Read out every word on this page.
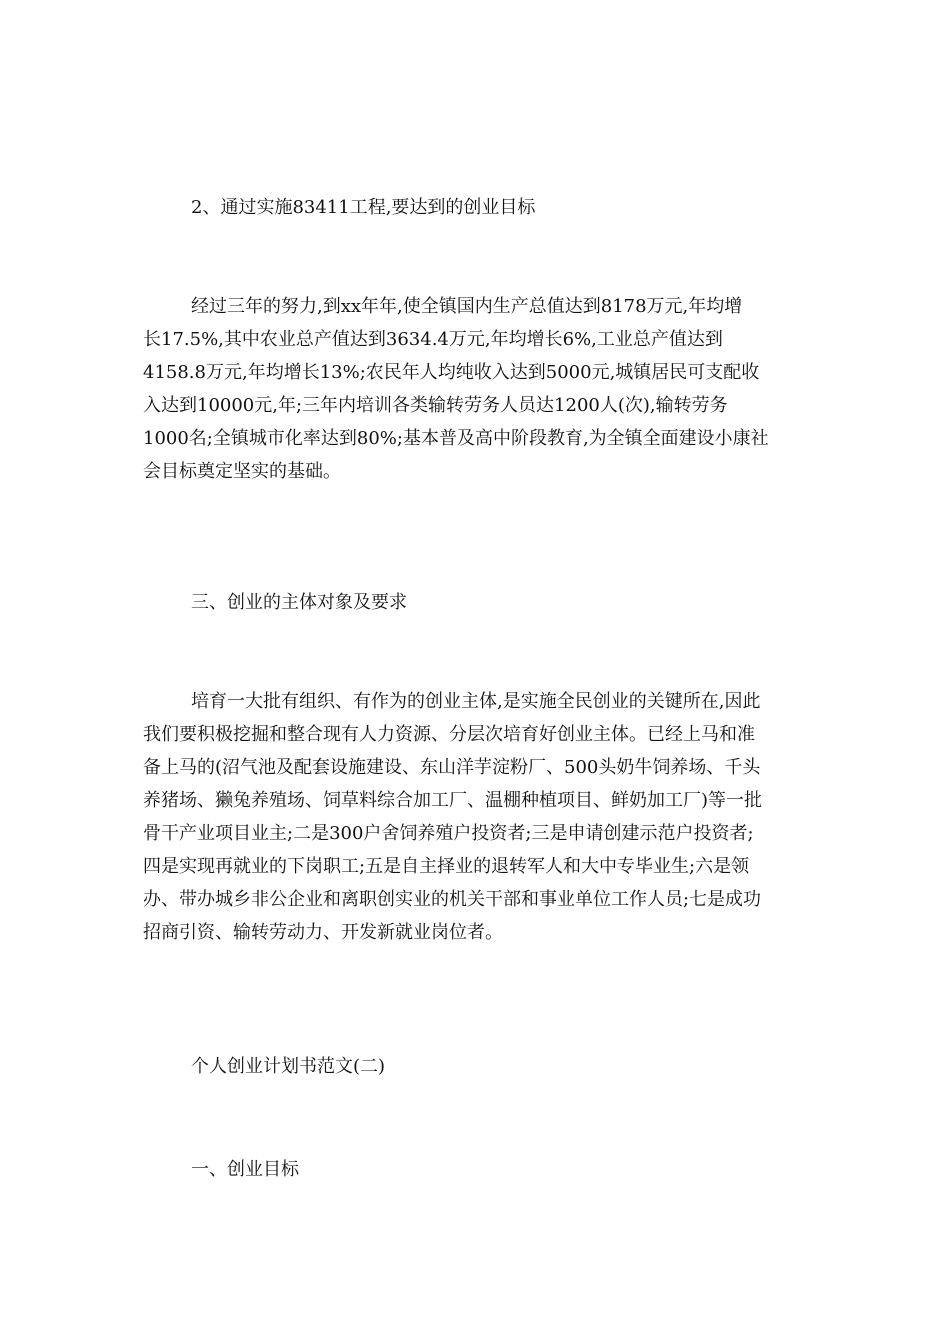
2、通过实施83411工程,要达到的创业目标

经过三年的努力,到xx年年,使全镇国内生产总值达到8178万元,年均增
长17.5%,其中农业总产值达到3634.4万元,年均增长6%,工业总产值达到
4158.8万元,年均增长13%;农民年人均纯收入达到5000元,城镇居民可支配收
入达到10000元,年;三年内培训各类输转劳务人员达1200人(次),输转劳务
1000名;全镇城市化率达到80%;基本普及高中阶段教育,为全镇全面建设小康社
会目标奠定坚实的基础。

三、创业的主体对象及要求

培育一大批有组织、有作为的创业主体,是实施全民创业的关键所在,因此
我们要积极挖掘和整合现有人力资源、分层次培育好创业主体。已经上马和准
备上马的(沼气池及配套设施建设、东山洋芋淀粉厂、500头奶牛饲养场、千头
养猪场、獭兔养殖场、饲草料综合加工厂、温棚种植项目、鲜奶加工厂)等一批
骨干产业项目业主;二是300户舍饲养殖户投资者;三是申请创建示范户投资者;
四是实现再就业的下岗职工;五是自主择业的退转军人和大中专毕业生;六是领
办、带办城乡非公企业和离职创实业的机关干部和事业单位工作人员;七是成功
招商引资、输转劳动力、开发新就业岗位者。

个人创业计划书范文(二)

一、创业目标
